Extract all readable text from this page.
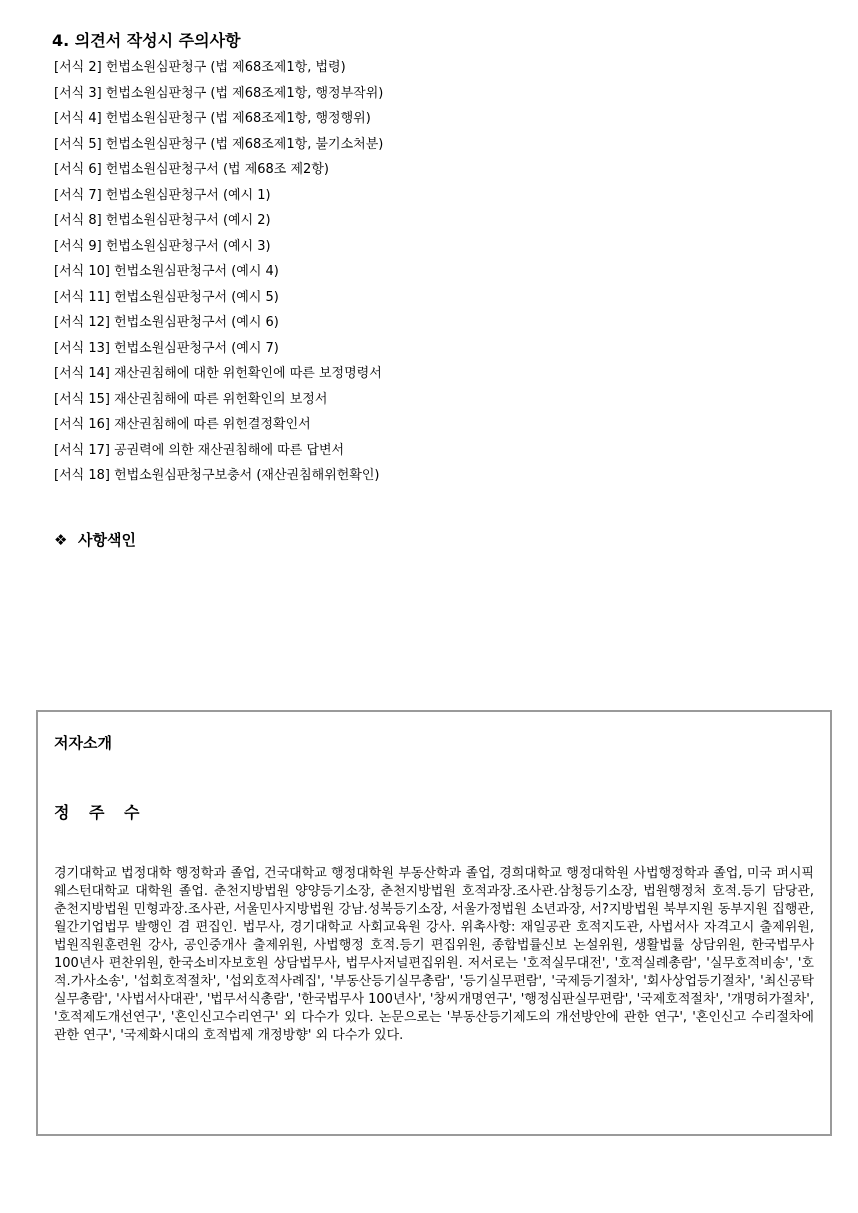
4. 의견서 작성시 주의사항
[서식 2] 헌법소원심판청구 (법 제68조제1항, 법령)
[서식 3] 헌법소원심판청구 (법 제68조제1항, 행정부작위)
[서식 4] 헌법소원심판청구 (법 제68조제1항, 행정행위)
[서식 5] 헌법소원심판청구 (법 제68조제1항, 불기소처분)
[서식 6] 헌법소원심판청구서 (법 제68조 제2항)
[서식 7] 헌법소원심판청구서 (예시 1)
[서식 8] 헌법소원심판청구서 (예시 2)
[서식 9] 헌법소원심판청구서 (예시 3)
[서식 10] 헌법소원심판청구서 (예시 4)
[서식 11] 헌법소원심판청구서 (예시 5)
[서식 12] 헌법소원심판청구서 (예시 6)
[서식 13] 헌법소원심판청구서 (예시 7)
[서식 14] 재산권침해에 대한 위헌확인에 따른 보정명령서
[서식 15] 재산권침해에 따른 위헌확인의 보정서
[서식 16] 재산권침해에 따른 위헌결정확인서
[서식 17] 공권력에 의한 재산권침해에 따른 답변서
[서식 18] 헌법소원심판청구보충서 (재산권침해위헌확인)
❖ 사항색인
저자소개
정 주 수
경기대학교 법정대학 행정학과 졸업, 건국대학교 행정대학원 부동산학과 졸업, 경희대학교 행정대학원 사법행정학과 졸업, 미국 퍼시픽웨스턴대학교 대학원 졸업. 춘천지방법원 양양등기소장, 춘천지방법원 호적과장.조사관.삼청등기소장, 법원행정처 호적.등기 담당관, 춘천지방법원 민형과장.조사관, 서울민사지방법원 강남.성북등기소장, 서울가정법원 소년과장, 서?지방법원 북부지원 동부지원 집행관, 월간기업법무 발행인 겸 편집인. 법무사, 경기대학교 사회교육원 강사. 위촉사항: 재일공관 호적지도관, 사법서사 자격고시 출제위원, 법원직원훈련원 강사, 공인중개사 출제위원, 사법행정 호적.등기 편집위원, 종합법률신보 논설위원, 생활법률 상담위원, 한국법무사 100년사 편찬위원, 한국소비자보호원 상담법무사, 법무사저널편집위원. 저서로는 '호적실무대전', '호적실례총람', '실무호적비송', '호적.가사소송', '섭회호적절차', '섭외호적사례집', '부동산등기실무총람', '등기실무편람', '국제등기절차', '회사상업등기절차', '최신공탁실무총람', '사법서사대관', '법무서식총람', '한국법무사 100년사', '창씨개명연구', '행정심판실무편람', '국제호적절차', '개명허가절차', '호적제도개선연구', '혼인신고수리연구' 외 다수가 있다. 논문으로는 '부동산등기제도의 개선방안에 관한 연구', '혼인신고 수리절차에 관한 연구', '국제화시대의 호적법제 개정방향' 외 다수가 있다.
